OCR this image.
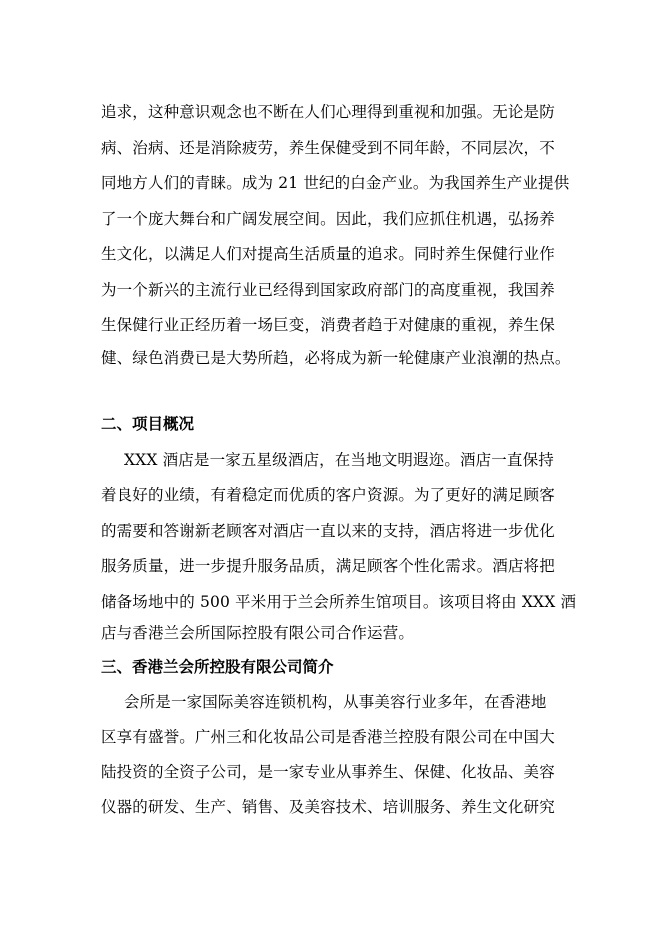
追求，这种意识观念也不断在人们心理得到重视和加强。无论是防
病、治病、还是消除疲劳，养生保健受到不同年龄，不同层次，不
同地方人们的青睐。成为 21 世纪的白金产业。为我国养生产业提供
了一个庞大舞台和广阔发展空间。因此，我们应抓住机遇，弘扬养
生文化，以满足人们对提高生活质量的追求。同时养生保健行业作
为一个新兴的主流行业已经得到国家政府部门的高度重视，我国养
生保健行业正经历着一场巨变，消费者趋于对健康的重视，养生保
健、绿色消费已是大势所趋，必将成为新一轮健康产业浪潮的热点。
二、项目概况
XXX 酒店是一家五星级酒店，在当地文明遐迩。酒店一直保持
着良好的业绩，有着稳定而优质的客户资源。为了更好的满足顾客
的需要和答谢新老顾客对酒店一直以来的支持，酒店将进一步优化
服务质量，进一步提升服务品质，满足顾客个性化需求。酒店将把
储备场地中的 500 平米用于兰会所养生馆项目。该项目将由 XXX 酒
店与香港兰会所国际控股有限公司合作运营。
三、香港兰会所控股有限公司简介
会所是一家国际美容连锁机构，从事美容行业多年，在香港地
区享有盛誉。广州三和化妆品公司是香港兰控股有限公司在中国大
陆投资的全资子公司，是一家专业从事养生、保健、化妆品、美容
仪器的研发、生产、销售、及美容技术、培训服务、养生文化研究
